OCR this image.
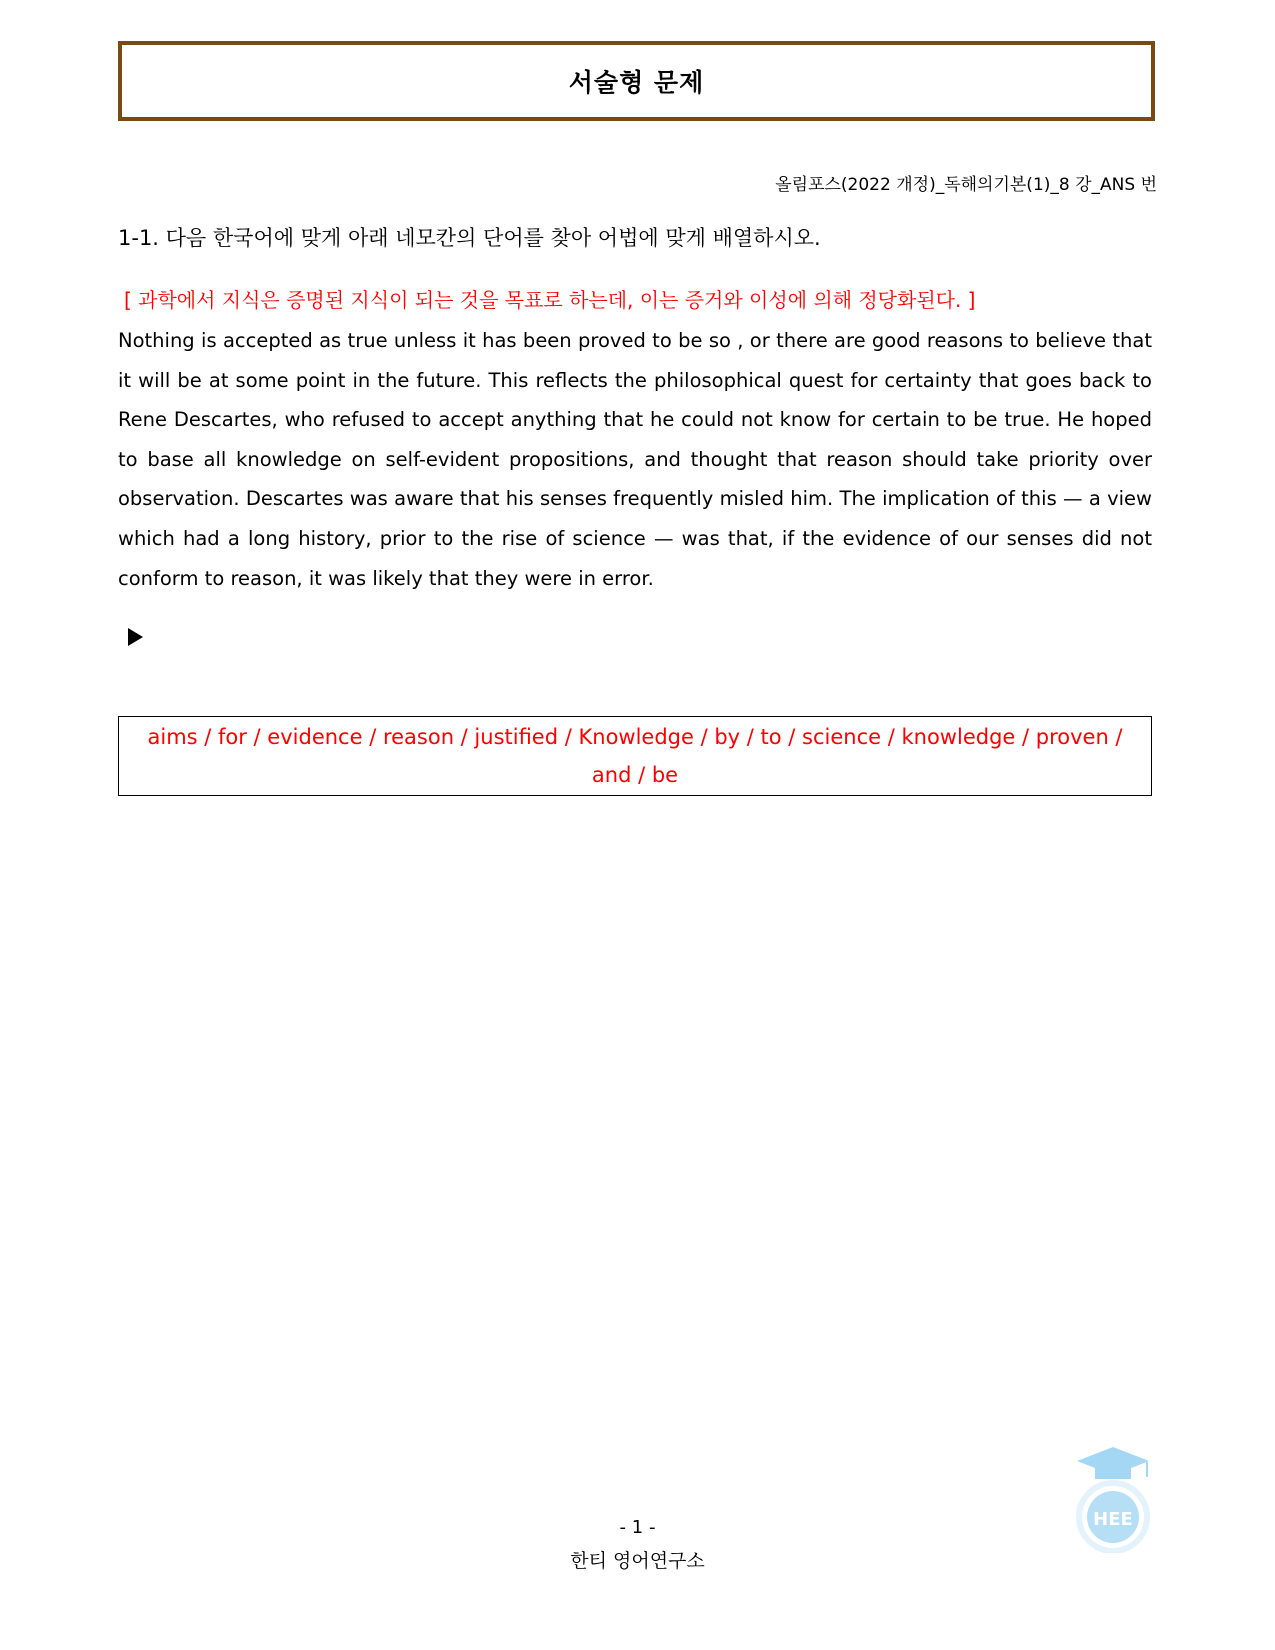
서술형 문제
올림포스(2022 개정)_독해의기본(1)_8 강_ANS 번
1-1. 다음 한국어에 맞게 아래 네모칸의 단어를 찾아 어법에 맞게 배열하시오.
[ 과학에서 지식은 증명된 지식이 되는 것을 목표로 하는데, 이는 증거와 이성에 의해 정당화된다. ]

Nothing is accepted as true unless it has been proved to be so , or there are good reasons to believe that it will be at some point in the future. This reflects the philosophical quest for certainty that goes back to Rene Descartes, who refused to accept anything that he could not know for certain to be true. He hoped to base all knowledge on self-evident propositions, and thought that reason should take priority over observation. Descartes was aware that his senses frequently misled him. The implication of this — a view which had a long history, prior to the rise of science — was that, if the evidence of our senses did not conform to reason, it was likely that they were in error.

aims / for / evidence / reason / justified / Knowledge / by / to / science / knowledge / proven /
and / be
- 1 -
한티 영어연구소
HEE
